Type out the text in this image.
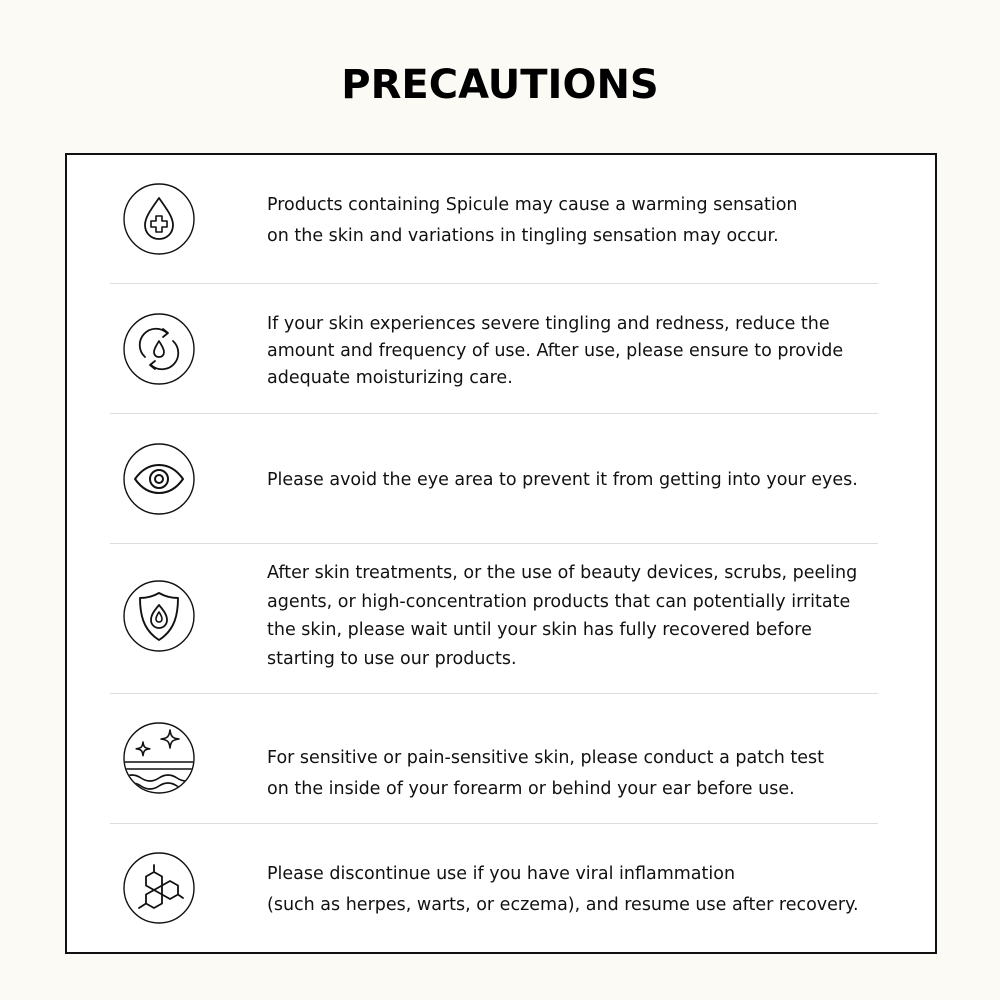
PRECAUTIONS

Products containing Spicule may cause a warming sensation
on the skin and variations in tingling sensation may occur.

If your skin experiences severe tingling and redness, reduce the
amount and frequency of use. After use, please ensure to provide
adequate moisturizing care.

Please avoid the eye area to prevent it from getting into your eyes.

After skin treatments, or the use of beauty devices, scrubs, peeling
agents, or high-concentration products that can potentially irritate
the skin, please wait until your skin has fully recovered before
starting to use our products.

For sensitive or pain-sensitive skin, please conduct a patch test
on the inside of your forearm or behind your ear before use.

Please discontinue use if you have viral inflammation
(such as herpes, warts, or eczema), and resume use after recovery.
